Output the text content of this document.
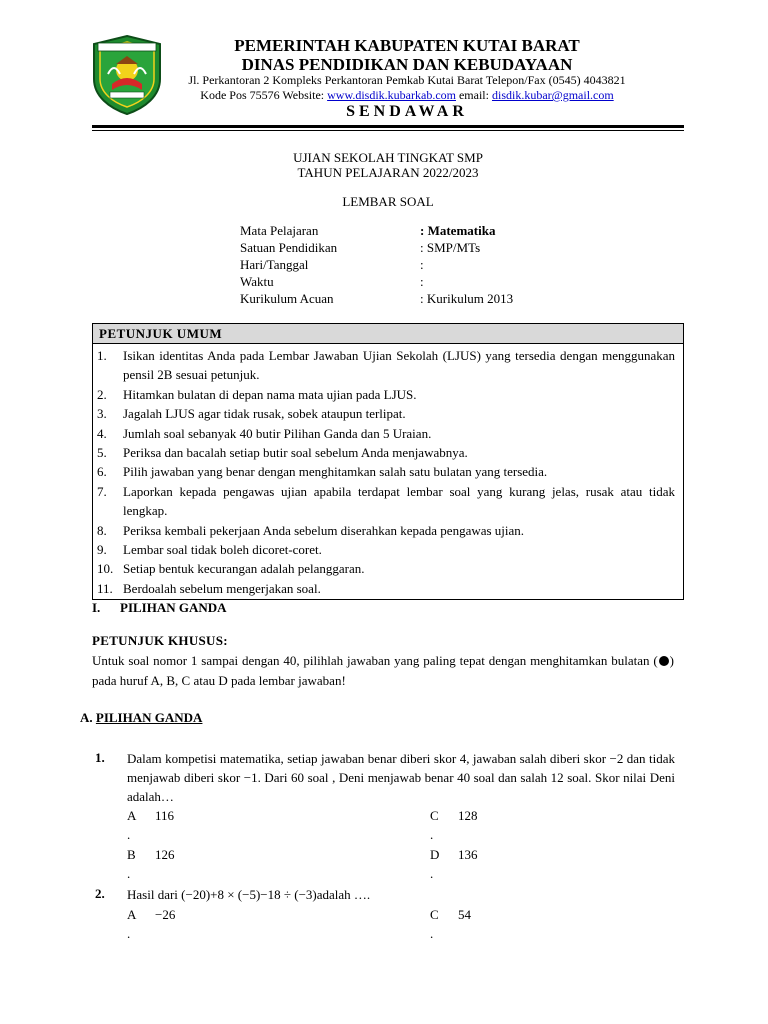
PEMERINTAH KABUPATEN KUTAI BARAT
DINAS PENDIDIKAN DAN KEBUDAYAAN
Jl. Perkantoran 2 Kompleks Perkantoran Pemkab Kutai Barat Telepon/Fax (0545) 4043821
Kode Pos 75576 Website: www.disdik.kubarkab.com email: disdik.kubar@gmail.com
SENDAWAR
UJIAN SEKOLAH TINGKAT SMP
TAHUN PELAJARAN 2022/2023
LEMBAR SOAL
Mata Pelajaran	: Matematika
Satuan Pendidikan	: SMP/MTs
Hari/Tanggal	:
Waktu	:
Kurikulum Acuan	: Kurikulum 2013
PETUNJUK UMUM
1.	Isikan identitas Anda pada Lembar Jawaban Ujian Sekolah (LJUS) yang tersedia dengan menggunakan pensil 2B sesuai petunjuk.
2.	Hitamkan bulatan di depan nama mata ujian pada LJUS.
3.	Jagalah LJUS agar tidak rusak, sobek ataupun terlipat.
4.	Jumlah soal sebanyak 40 butir Pilihan Ganda dan 5 Uraian.
5.	Periksa dan bacalah setiap butir soal sebelum Anda menjawabnya.
6.	Pilih jawaban yang benar dengan menghitamkan salah satu bulatan yang tersedia.
7.	Laporkan kepada pengawas ujian apabila terdapat lembar soal yang kurang jelas, rusak atau tidak lengkap.
8.	Periksa kembali pekerjaan Anda sebelum diserahkan kepada pengawas ujian.
9.	Lembar soal tidak boleh dicoret-coret.
10. Setiap bentuk kecurangan adalah pelanggaran.
11. Berdoalah sebelum mengerjakan soal.
I. PILIHAN GANDA
PETUNJUK KHUSUS:
Untuk soal nomor 1 sampai dengan 40, pilihlah jawaban yang paling tepat dengan menghitamkan bulatan ( ) pada huruf A, B, C atau D pada lembar jawaban!
A. PILIHAN GANDA
1. Dalam kompetisi matematika, setiap jawaban benar diberi skor 4, jawaban salah diberi skor −2 dan tidak menjawab diberi skor −1. Dari 60 soal , Deni menjawab benar 40 soal dan salah 12 soal. Skor nilai Deni adalah…
A 116
.
C 128
.
B 126
.
D 136
.
2. Hasil dari (−20)+8 × (−5)−18 ÷ (−3)adalah ….
A −26
.
C 54
.
